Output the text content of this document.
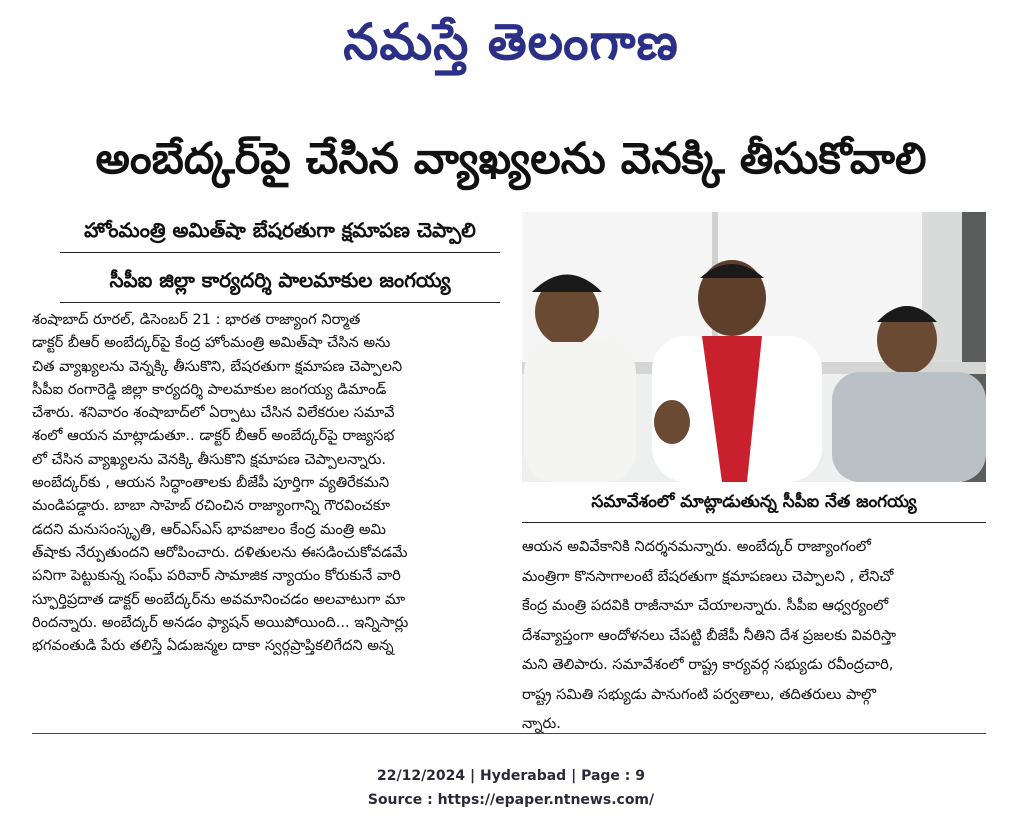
నమస్తే తెలంగాణ
అంబేద్కర్‌పై చేసిన వ్యాఖ్యలను వెనక్కి తీసుకోవాలి
హోంమంత్రి అమిత్‌షా బేషరతుగా క్షమాపణ చెప్పాలి
సీపీఐ జిల్లా కార్యదర్శి పాలమాకుల జంగయ్య
శంషాబాద్ రూరల్, డిసెంబర్ 21 : భారత రాజ్యాంగ నిర్మాత
డాక్టర్ బీఆర్ అంబేద్కర్‌పై కేంద్ర హోంమంత్రి అమిత్‌షా చేసిన అను
చిత వ్యాఖ్యలను వెన్నక్కి తీసుకొని, బేషరతుగా క్షమాపణ చెప్పాలని
సీపీఐ రంగారెడ్డి జిల్లా కార్యదర్శి పాలమాకుల జంగయ్య డిమాండ్
చేశారు. శనివారం శంషాబాద్‌లో ఏర్పాటు చేసిన విలేకరుల సమావే
శంలో ఆయన మాట్లాడుతూ.. డాక్టర్ బీఆర్ అంబేద్కర్‌పై రాజ్యసభ
లో చేసిన వ్యాఖ్యలను వెనక్కి తీసుకొని క్షమాపణ చెప్పాలన్నారు.
అంబేద్కర్‌కు , ఆయన సిద్ధాంతాలకు బీజేపీ పూర్తిగా వ్యతిరేకమని
మండిపడ్డారు. బాబా సాహెబ్ రచించిన రాజ్యాంగాన్ని గౌరవించకూ
డదని మనుసంస్కృతి, ఆర్‌ఎస్‌ఎస్ భావజాలం కేంద్ర మంత్రి అమి
త్‌షాకు నేర్పుతుందని ఆరోపించారు. దళితులను ఈసడించుకోవడమే
పనిగా పెట్టుకున్న సంఘ్ పరివార్ సామాజిక న్యాయం కోరుకునే వారి
స్ఫూర్తిప్రదాత డాక్టర్ అంబేద్కర్‌ను అవమానించడం అలవాటుగా మా
రిందన్నారు. అంబేద్కర్ అనడం ఫ్యాషన్ అయిపోయింది... ఇన్నిసార్లు
భగవంతుడి పేరు తలిస్తే ఏడుజన్మల దాకా స్వర్గప్రాప్తికలిగేదని అన్న
సమావేశంలో మాట్లాడుతున్న సీపీఐ నేత జంగయ్య
ఆయన అవివేకానికి నిదర్శనమన్నారు. అంబేద్కర్ రాజ్యాంగంలో
మంత్రిగా కొనసాగాలంటే బేషరతుగా క్షమాపణలు చెప్పాలని , లేనిచో
కేంద్ర మంత్రి పదవికి రాజీనామా చేయాలన్నారు. సీపీఐ ఆధ్వర్యంలో
దేశవ్యాప్తంగా ఆందోళనలు చేపట్టి బీజేపీ నీతిని దేశ ప్రజలకు వివరిస్తా
మని తెలిపారు. సమావేశంలో రాష్ట్ర కార్యవర్గ సభ్యుడు రవీంద్రచారి,
రాష్ట్ర సమితి సభ్యుడు పానుగంటి పర్వతాలు, తదితరులు పాల్గొ
న్నారు.
22/12/2024 | Hyderabad | Page : 9
Source : https://epaper.ntnews.com/
